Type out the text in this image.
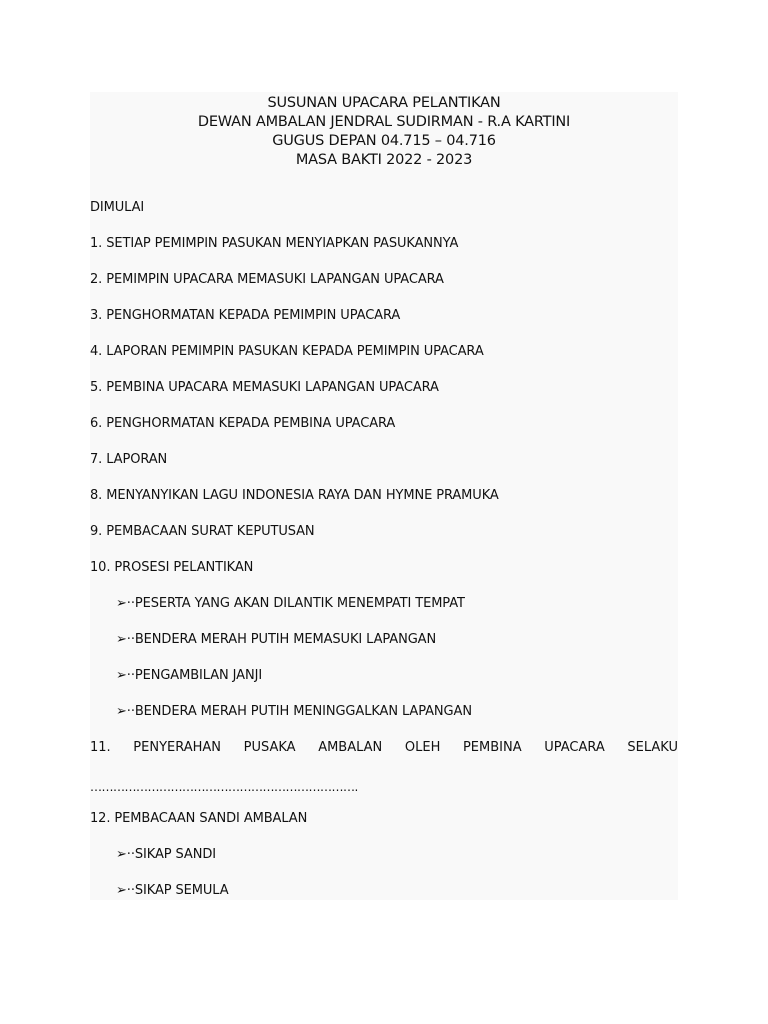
SUSUNAN UPACARA PELANTIKAN
DEWAN AMBALAN JENDRAL SUDIRMAN - R.A KARTINI
GUGUS DEPAN 04.715 – 04.716
MASA BAKTI 2022 - 2023
DIMULAI
1. SETIAP PEMIMPIN PASUKAN MENYIAPKAN PASUKANNYA
2. PEMIMPIN UPACARA MEMASUKI LAPANGAN UPACARA
3. PENGHORMATAN KEPADA PEMIMPIN UPACARA
4. LAPORAN PEMIMPIN PASUKAN KEPADA PEMIMPIN UPACARA
5. PEMBINA UPACARA MEMASUKI LAPANGAN UPACARA
6. PENGHORMATAN KEPADA PEMBINA UPACARA
7. LAPORAN
8. MENYANYIKAN LAGU INDONESIA RAYA DAN HYMNE PRAMUKA
9. PEMBACAAN SURAT KEPUTUSAN
10. PROSESI PELANTIKAN
➢··PESERTA YANG AKAN DILANTIK MENEMPATI TEMPAT
➢··BENDERA MERAH PUTIH MEMASUKI LAPANGAN
➢··PENGAMBILAN JANJI
➢··BENDERA MERAH PUTIH MENINGGALKAN LAPANGAN
11. PENYERAHAN PUSAKA AMBALAN OLEH PEMBINA UPACARA SELAKU
…………………………………………………………….
12. PEMBACAAN SANDI AMBALAN
➢··SIKAP SANDI
➢··SIKAP SEMULA
